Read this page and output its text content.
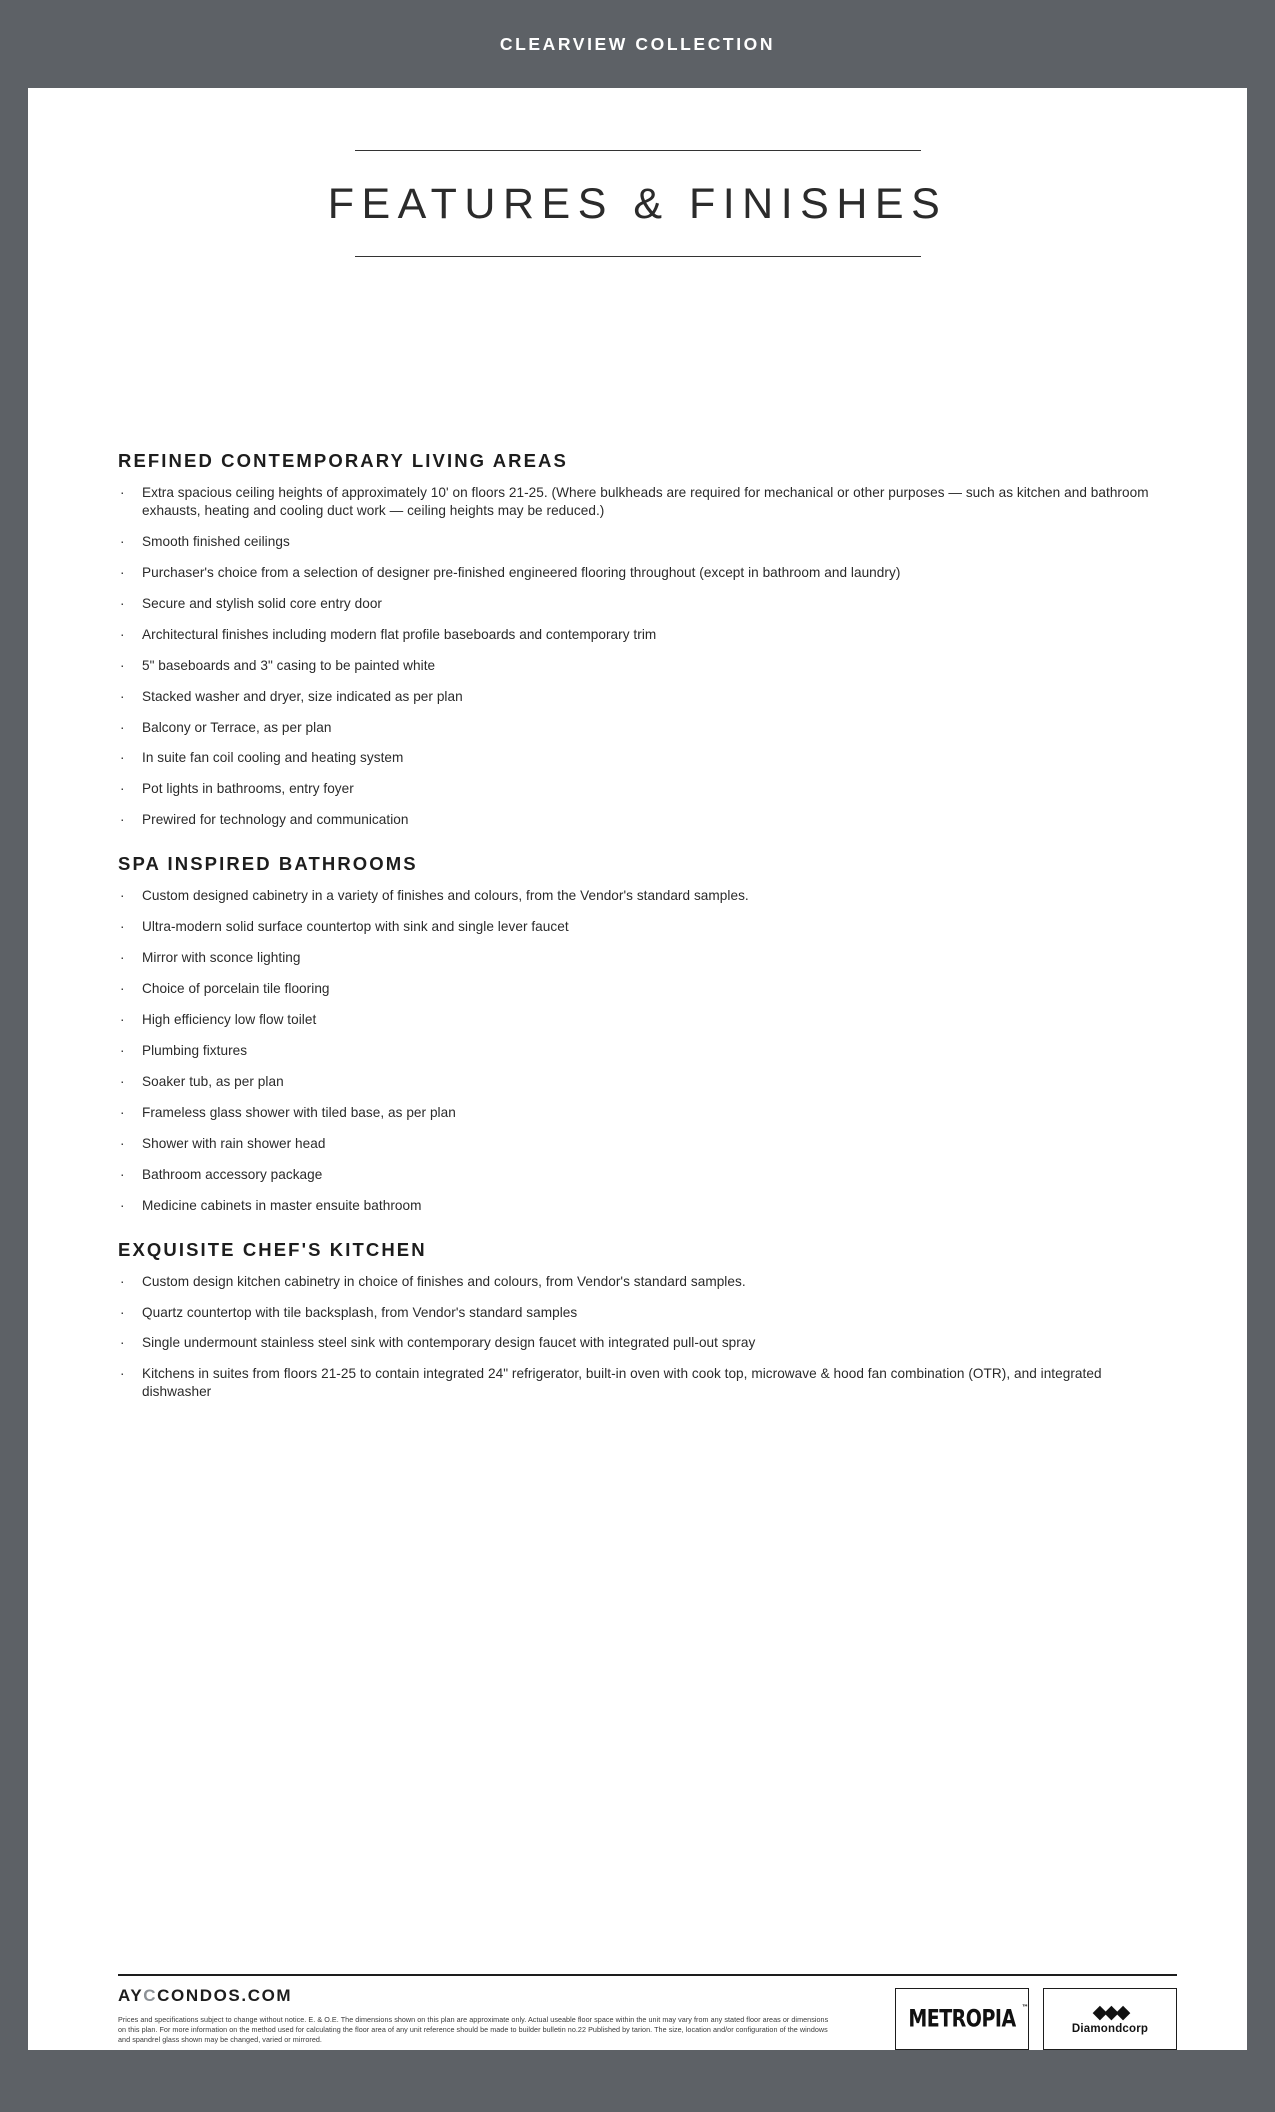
CLEARVIEW COLLECTION
FEATURES & FINISHES
REFINED CONTEMPORARY LIVING AREAS
· Extra spacious ceiling heights of approximately 10' on floors 21-25. (Where bulkheads are required for mechanical or other purposes — such as kitchen and bathroom exhausts, heating and cooling duct work — ceiling heights may be reduced.)
· Smooth finished ceilings
· Purchaser's choice from a selection of designer pre-finished engineered flooring throughout (except in bathroom and laundry)
· Secure and stylish solid core entry door
· Architectural finishes including modern flat profile baseboards and contemporary trim
· 5" baseboards and 3" casing to be painted white
· Stacked washer and dryer, size indicated as per plan
· Balcony or Terrace, as per plan
· In suite fan coil cooling and heating system
· Pot lights in bathrooms, entry foyer
· Prewired for technology and communication
SPA INSPIRED BATHROOMS
· Custom designed cabinetry in a variety of finishes and colours, from the Vendor's standard samples.
· Ultra-modern solid surface countertop with sink and single lever faucet
· Mirror with sconce lighting
· Choice of porcelain tile flooring
· High efficiency low flow toilet
· Plumbing fixtures
· Soaker tub, as per plan
· Frameless glass shower with tiled base, as per plan
· Shower with rain shower head
· Bathroom accessory package
· Medicine cabinets in master ensuite bathroom
EXQUISITE CHEF'S KITCHEN
· Custom design kitchen cabinetry in choice of finishes and colours, from Vendor's standard samples.
· Quartz countertop with tile backsplash, from Vendor's standard samples
· Single undermount stainless steel sink with contemporary design faucet with integrated pull-out spray
· Kitchens in suites from floors 21-25 to contain integrated 24" refrigerator, built-in oven with cook top, microwave & hood fan combination (OTR), and integrated dishwasher
AYCCONDOS.COM
Prices and specifications subject to change without notice. E. & O.E. The dimensions shown on this plan are approximate only. Actual useable floor space within the unit may vary from any stated floor areas or dimensions on this plan. For more information on the method used for calculating the floor area of any unit reference should be made to builder bulletin no.22 Published by tarion. The size, location and/or configuration of the windows and spandrel glass shown may be changed, varied or mirrored.
METROPIA ™	◆◆◆
Diamondcorp
